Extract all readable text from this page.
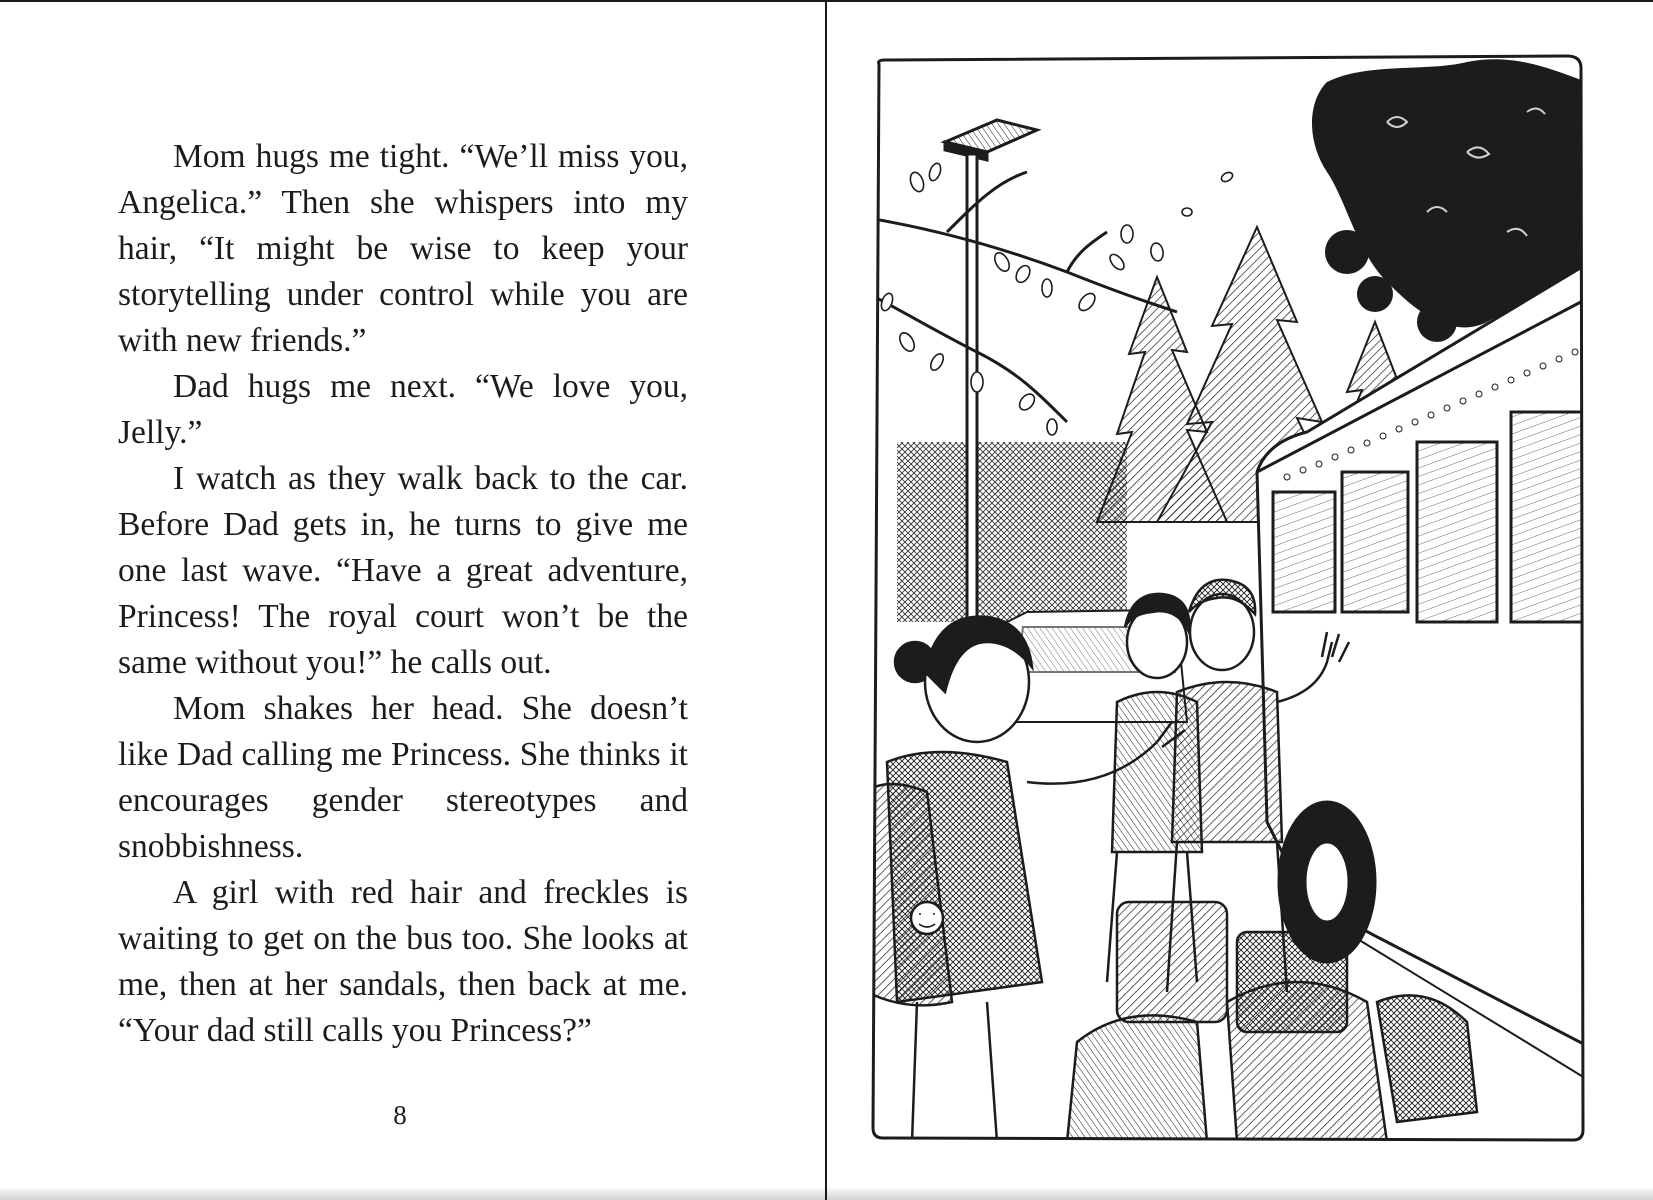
Mom hugs me tight. “We’ll miss you, Angelica.” Then she whispers into my hair, “It might be wise to keep your storytelling under control while you are with new friends.”

Dad hugs me next. “We love you, Jelly.”

I watch as they walk back to the car. Before Dad gets in, he turns to give me one last wave. “Have a great adventure, Princess! The royal court won’t be the same without you!” he calls out.

Mom shakes her head. She doesn’t like Dad calling me Princess. She thinks it encourages gender stereotypes and snobbishness.

A girl with red hair and freckles is waiting to get on the bus too. She looks at me, then at her sandals, then back at me. “Your dad still calls you Princess?”

8
